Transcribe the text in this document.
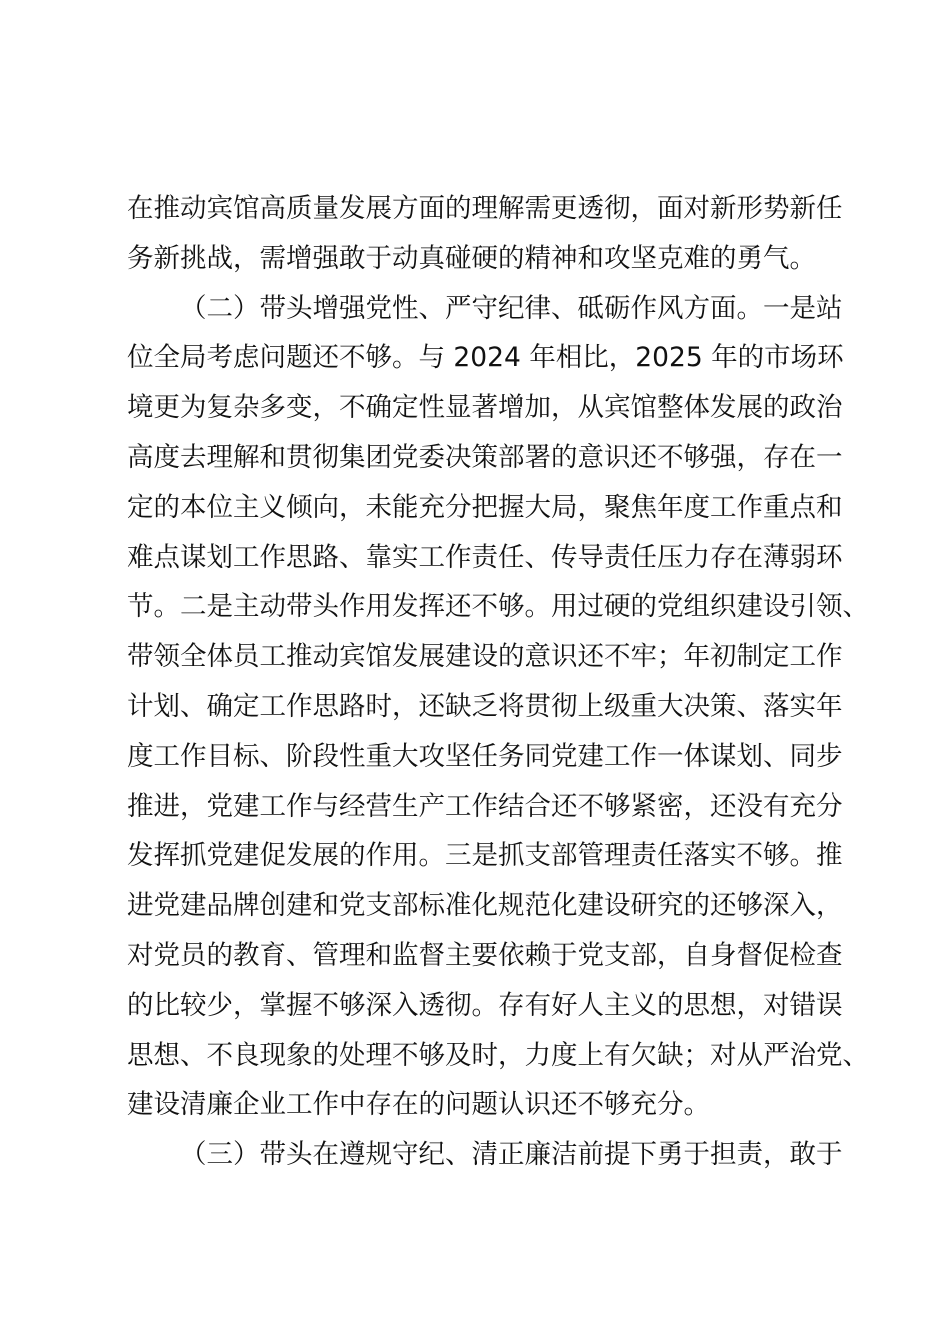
在推动宾馆高质量发展方面的理解需更透彻，面对新形势新任
务新挑战，需增强敢于动真碰硬的精神和攻坚克难的勇气。
（二）带头增强党性、严守纪律、砥砺作风方面。一是站
位全局考虑问题还不够。与 2024 年相比，2025 年的市场环
境更为复杂多变，不确定性显著增加，从宾馆整体发展的政治
高度去理解和贯彻集团党委决策部署的意识还不够强，存在一
定的本位主义倾向，未能充分把握大局，聚焦年度工作重点和
难点谋划工作思路、靠实工作责任、传导责任压力存在薄弱环
节。二是主动带头作用发挥还不够。用过硬的党组织建设引领、
带领全体员工推动宾馆发展建设的意识还不牢；年初制定工作
计划、确定工作思路时，还缺乏将贯彻上级重大决策、落实年
度工作目标、阶段性重大攻坚任务同党建工作一体谋划、同步
推进，党建工作与经营生产工作结合还不够紧密，还没有充分
发挥抓党建促发展的作用。三是抓支部管理责任落实不够。推
进党建品牌创建和党支部标准化规范化建设研究的还够深入，
对党员的教育、管理和监督主要依赖于党支部，自身督促检查
的比较少，掌握不够深入透彻。存有好人主义的思想，对错误
思想、不良现象的处理不够及时，力度上有欠缺；对从严治党、
建设清廉企业工作中存在的问题认识还不够充分。
（三）带头在遵规守纪、清正廉洁前提下勇于担责，敢于
